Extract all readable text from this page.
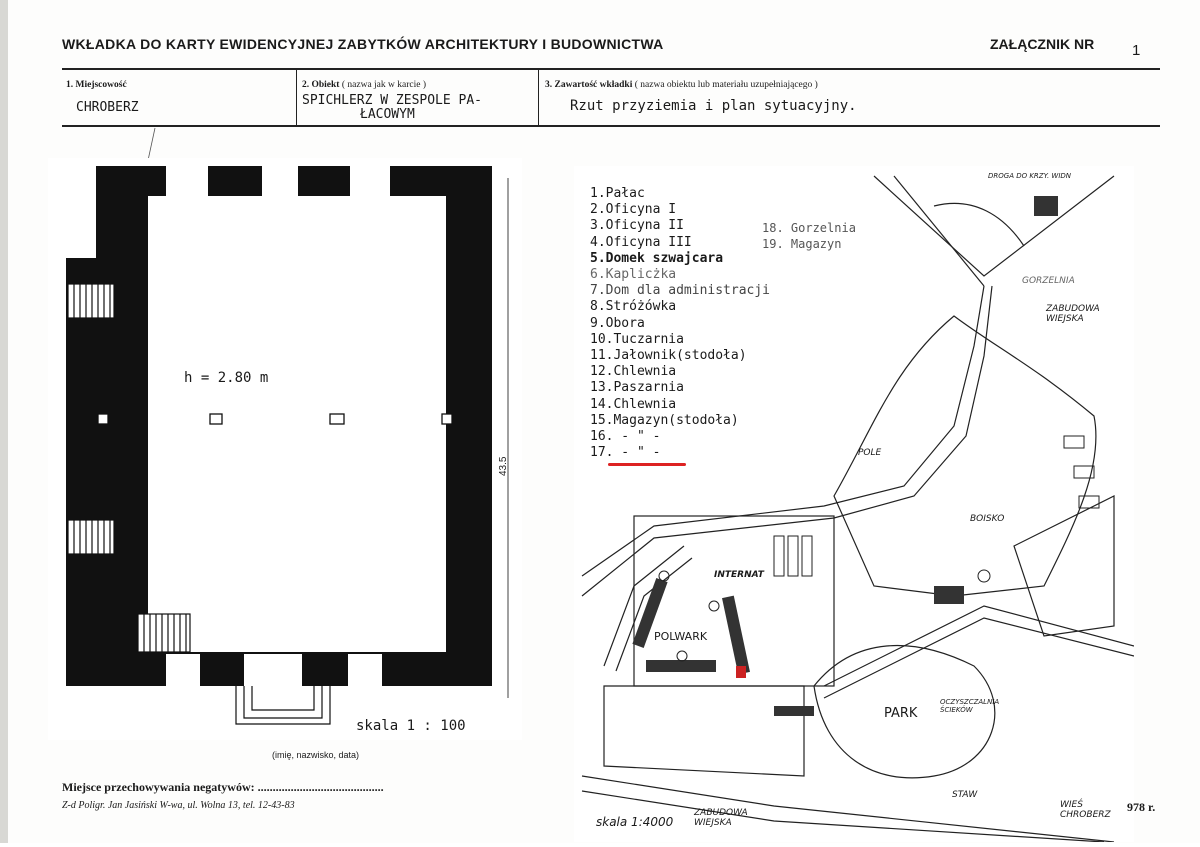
WKŁADKA DO KARTY EWIDENCYJNEJ ZABYTKÓW ARCHITEKTURY I BUDOWNICTWA	ZAŁĄCZNIK NR	1
1. Miejscowość
CHROBERZ
2. Obiekt ( nazwa jak w karcie )
SPICHLERZ W ZESPOLE PA-
ŁACOWYM
3. Zawartość wkładki ( nazwa obiektu lub materiału uzupełniającego )
Rzut przyziemia i plan sytuacyjny.
h = 2.80 m
skala 1 : 100
43.5
1.Pałac
2.Oficyna I
3.Oficyna II
4.Oficyna III
5.Domek szwajcara
6.Kaplicżka
7.Dom dla administracji
8.Stróżówka
9.Obora
10.Tuczarnia
11.Jałownik(stodoła)
12.Chlewnia
13.Paszarnia
14.Chlewnia
15.Magazyn(stodoła)
16. - " -
17. - " -
18. Gorzelnia
19. Magazyn
DROGA DO KRZY. WIDN
GORZELNIA
ZABUDOWA WIEJSKA
POLE
BOISKO
INTERNAT
POLWARK
PARK
OCZYSZCZALNIA ŚCIEKÓW
STAW
WIEŚ CHROBERZ
ZABUDOWA WIEJSKA
skala 1:4000
(imię, nazwisko, data)
Miejsce przechowywania negatywów: ..........................................
Z-d Poligr. Jan Jasiński W-wa, ul. Wolna 13, tel. 12-43-83	978 r.
